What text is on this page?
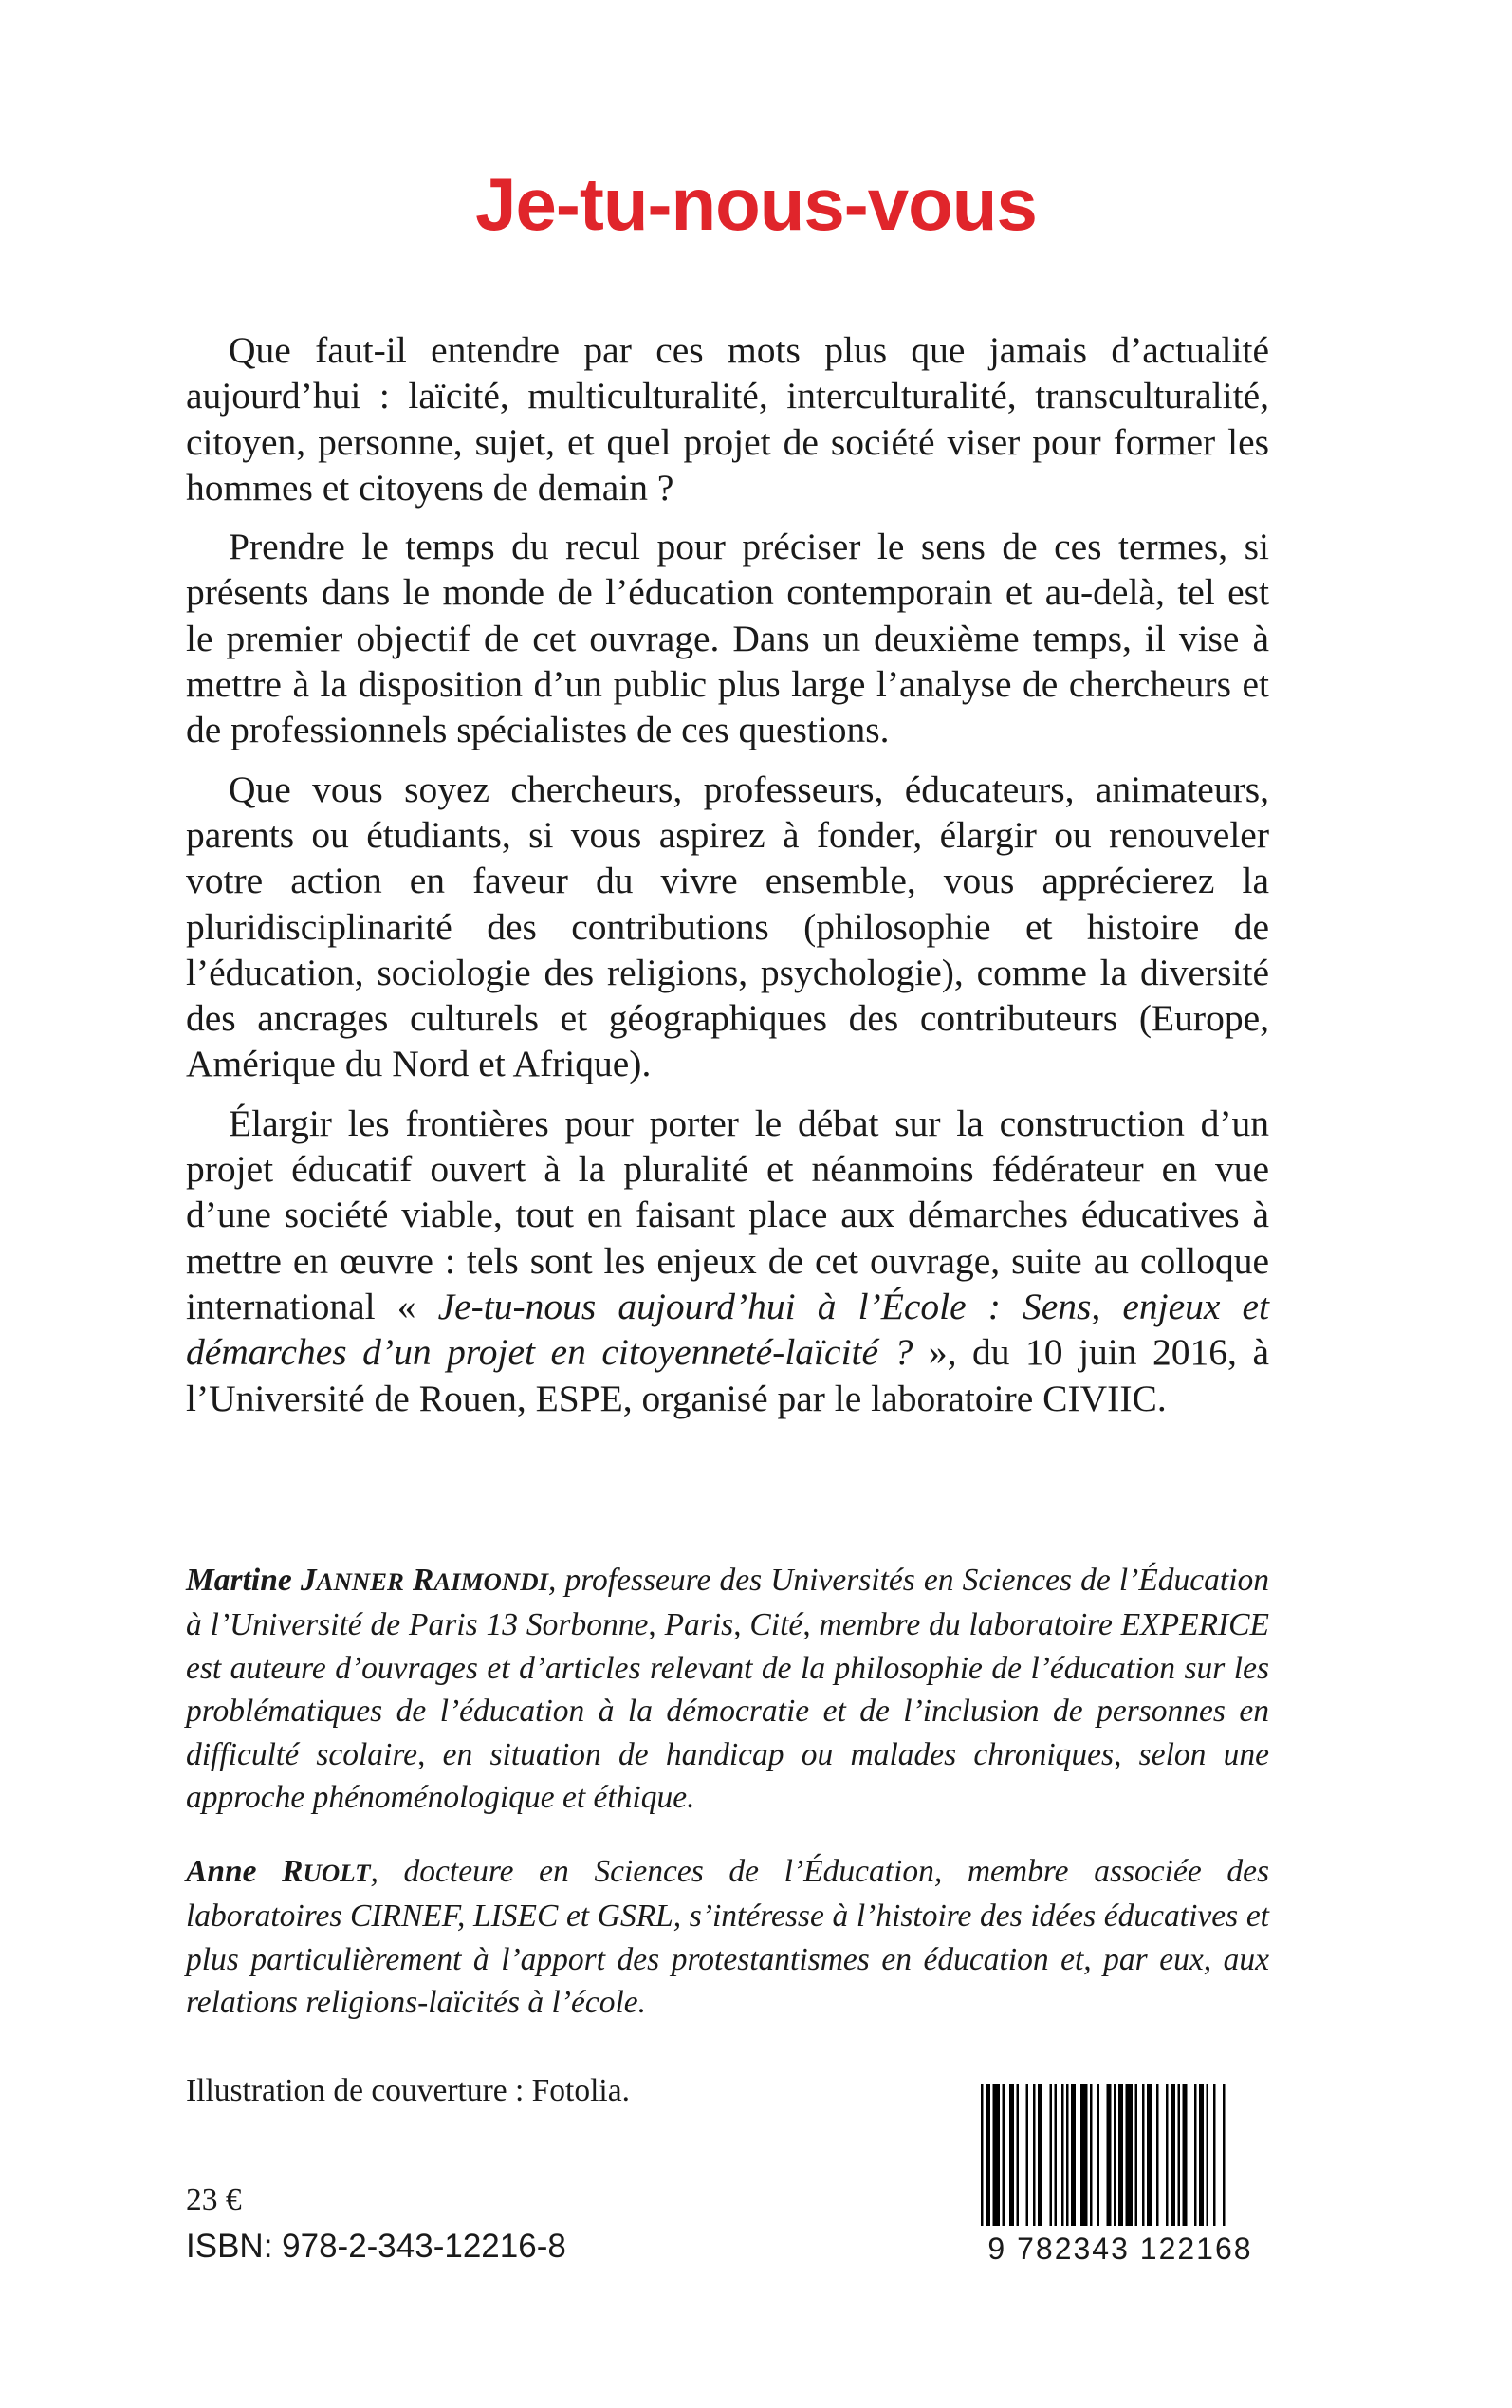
Je-tu-nous-vous

Que faut-il entendre par ces mots plus que jamais d’actualité aujourd’hui : laïcité, multiculturalité, interculturalité, transculturalité, citoyen, personne, sujet, et quel projet de société viser pour former les hommes et citoyens de demain ?

Prendre le temps du recul pour préciser le sens de ces termes, si présents dans le monde de l’éducation contemporain et au-delà, tel est le premier objectif de cet ouvrage. Dans un deuxième temps, il vise à mettre à la disposition d’un public plus large l’analyse de chercheurs et de professionnels spécialistes de ces questions.

Que vous soyez chercheurs, professeurs, éducateurs, animateurs, parents ou étudiants, si vous aspirez à fonder, élargir ou renouveler votre action en faveur du vivre ensemble, vous apprécierez la pluridisciplinarité des contributions (philosophie et histoire de l’éducation, sociologie des religions, psychologie), comme la diversité des ancrages culturels et géographiques des contributeurs (Europe, Amérique du Nord et Afrique).

Élargir les frontières pour porter le débat sur la construction d’un projet éducatif ouvert à la pluralité et néanmoins fédérateur en vue d’une société viable, tout en faisant place aux démarches éducatives à mettre en œuvre : tels sont les enjeux de cet ouvrage, suite au colloque international « Je-tu-nous aujourd’hui à l’École : Sens, enjeux et démarches d’un projet en citoyenneté-laïcité ? », du 10 juin 2016, à l’Université de Rouen, ESPE, organisé par le laboratoire CIVIIC.

Martine JANNER RAIMONDI, professeure des Universités en Sciences de l’Éducation à l’Université de Paris 13 Sorbonne, Paris, Cité, membre du laboratoire EXPERICE est auteure d’ouvrages et d’articles relevant de la philosophie de l’éducation sur les problématiques de l’éducation à la démocratie et de l’inclusion de personnes en difficulté scolaire, en situation de handicap ou malades chroniques, selon une approche phénoménologique et éthique.

Anne RUOLT, docteure en Sciences de l’Éducation, membre associée des laboratoires CIRNEF, LISEC et GSRL, s’intéresse à l’histoire des idées éducatives et plus particulièrement à l’apport des protestantismes en éducation et, par eux, aux relations religions-laïcités à l’école.

Illustration de couverture : Fotolia.
23 €
ISBN: 978-2-343-12216-8	9 782343 122168
